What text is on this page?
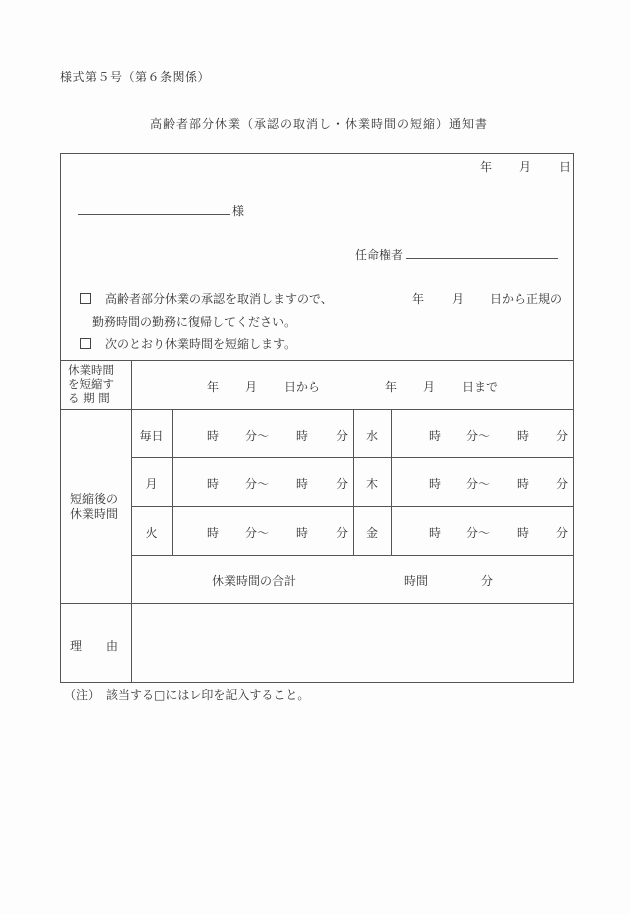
様式第５号（第６条関係）
高齢者部分休業（承認の取消し・休業時間の短縮）通知書
年 月 日
様
任命権者
高齢者部分休業の承認を取消しますので、	年 月 日から正規の
勤務時間の勤務に復帰してください。
次のとおり休業時間を短縮します。
休業時間
を短縮す
る 期 間
年 月 日から	年 月 日まで
短縮後の
休業時間
毎日	時 分～ 時 分	水	時 分～ 時 分
月	時 分～ 時 分	木	時 分～ 時 分
火	時 分～ 時 分	金	時 分～ 時 分
休業時間の合計	時間	分
理　　由
（注）　該当する□にはレ印を記入すること。
